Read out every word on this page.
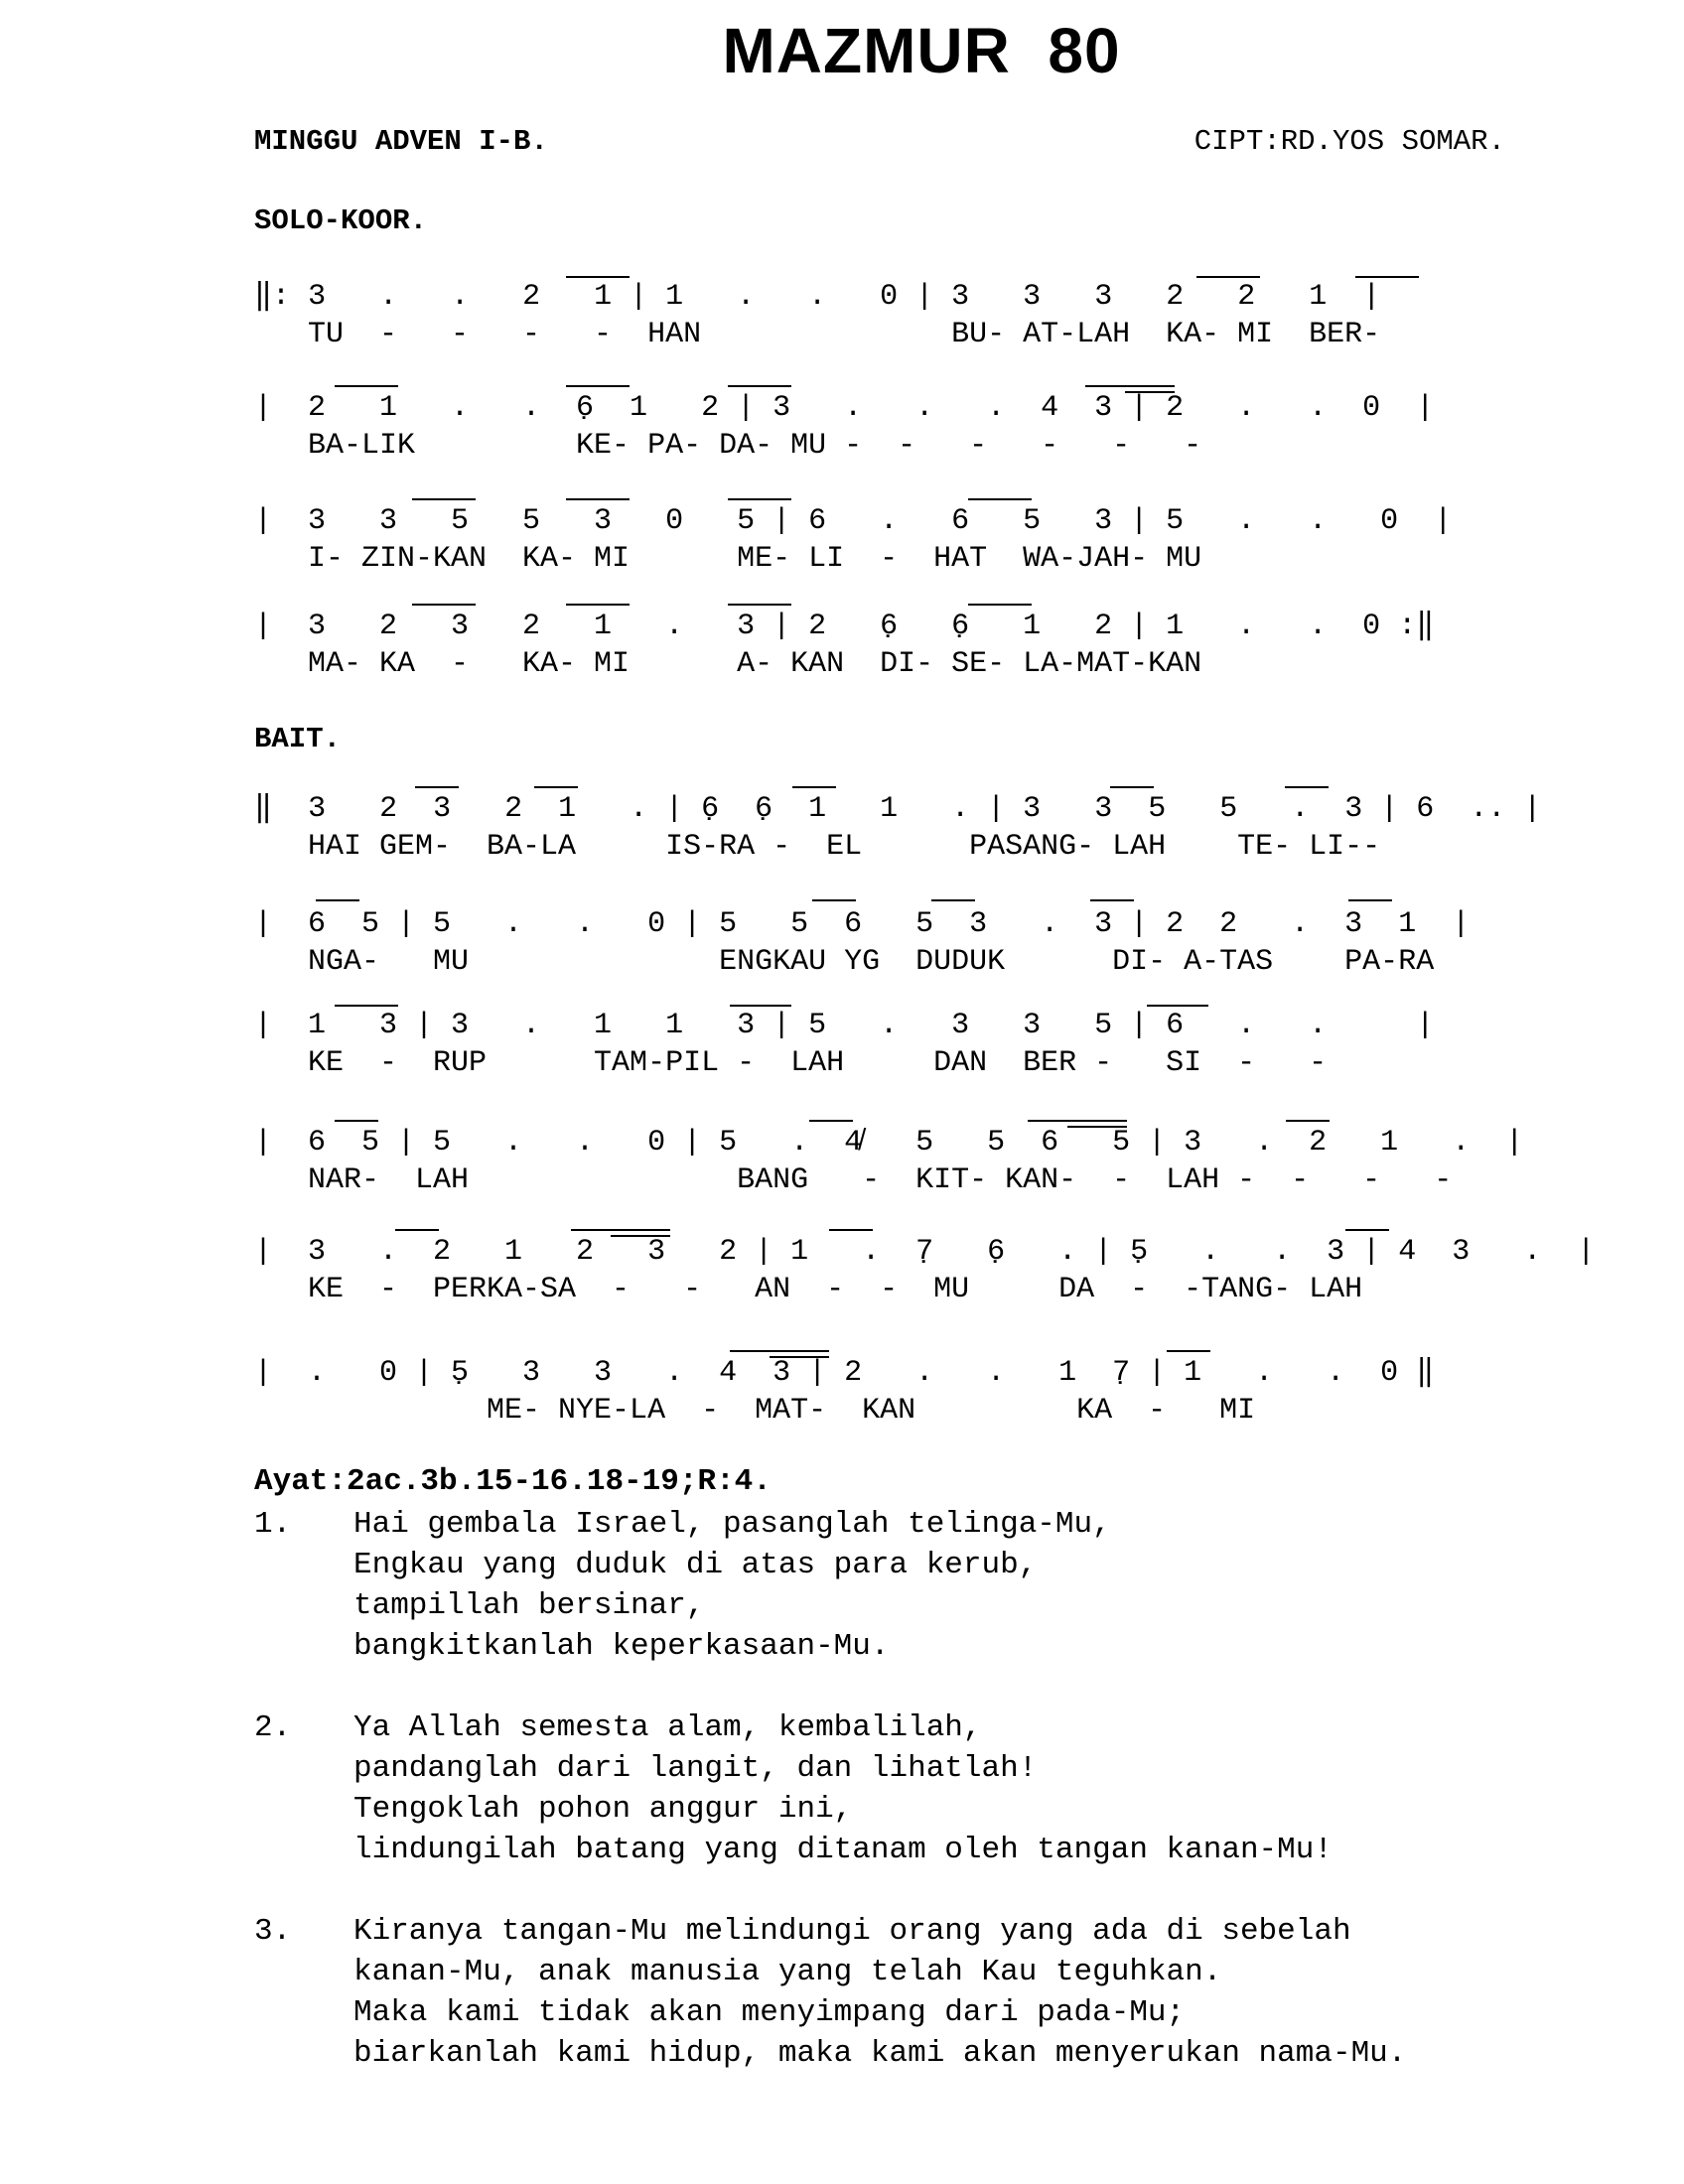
MAZMUR  80
MINGGU ADVEN I-B.	CIPT:RD.YOS SOMAR.
SOLO-KOOR.

‖: 3   .   .   2   1 | 1   .   .   0 | 3   3   3   2   2   1  |

TU  -   -   -   -  HAN              BU- AT-LAH  KA- MI  BER-

|  2   1   .   .  6̣  1   2 | 3   .   .   .  4  3 | 2   .   .  0  |

BA-LIK         KE- PA- DA- MU -  -   -   -   -   -

|  3   3   5   5   3   0   5 | 6   .   6   5   3 | 5   .   .   0  |

I- ZIN-KAN  KA- MI      ME- LI  -  HAT  WA-JAH- MU

|  3   2   3   2   1   .   3 | 2   6̣   6̣   1   2 | 1   .   .  0 :‖

MA- KA  -   KA- MI      A- KAN  DI- SE- LA-MAT-KAN

BAIT.

‖  3   2  3   2  1   . | 6̣  6̣  1   1   . | 3   3  5   5   .  3 | 6  .. |

HAI GEM-  BA-LA     IS-RA -  EL      PASANG- LAH    TE- LI--

|  6  5 | 5   .   .   0 | 5   5  6   5  3   .  3 | 2  2   .  3  1  |

NGA-   MU              ENGKAU YG  DUDUK      DI- A-TAS    PA-RA

|  1   3 | 3   .   1   1   3 | 5   .   3   3   5 | 6   .   .     |

KE  -  RUP      TAM-PIL -  LAH     DAN  BER -   SI  -   -

|  6  5 | 5   .   .   0 | 5   .  4̸   5   5  6   5 | 3   .  2   1   .  |

NAR-  LAH               BANG   -  KIT- KAN-  -  LAH -  -   -   -

|  3   .  2   1   2   3   2 | 1   .  7̣   6̣   . | 5̣   .   .  3 | 4  3   .  |

KE  -  PERKA-SA  -   -   AN  -  -  MU     DA  -  -TANG- LAH

|  .   0 | 5̣   3   3   .  4  3 | 2   .   .   1  7̣ | 1   .   .  0 ‖

ME- NYE-LA  -  MAT-  KAN         KA  -   MI

Ayat:2ac.3b.15-16.18-19;R:4.
1.	Hai gembala Israel, pasanglah telinga-Mu,
Engkau yang duduk di atas para kerub,
tampillah bersinar,
bangkitkanlah keperkasaan-Mu.
2.	Ya Allah semesta alam, kembalilah,
pandanglah dari langit, dan lihatlah!
Tengoklah pohon anggur ini,
lindungilah batang yang ditanam oleh tangan kanan-Mu!
3.	Kiranya tangan-Mu melindungi orang yang ada di sebelah
kanan-Mu, anak manusia yang telah Kau teguhkan.
Maka kami tidak akan menyimpang dari pada-Mu;
biarkanlah kami hidup, maka kami akan menyerukan nama-Mu.
